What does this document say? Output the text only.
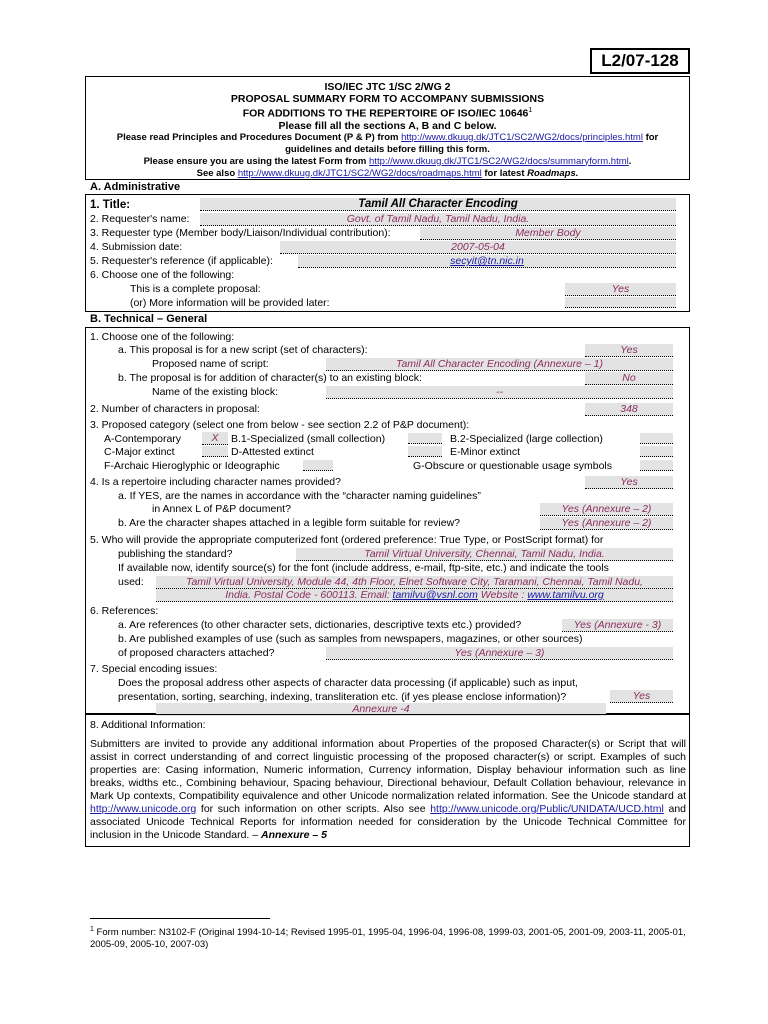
L2/07-128
ISO/IEC JTC 1/SC 2/WG 2
PROPOSAL SUMMARY FORM TO ACCOMPANY SUBMISSIONS
FOR ADDITIONS TO THE REPERTOIRE OF ISO/IEC 10646$^1$
Please fill all the sections A, B and C below.
Please read Principles and Procedures Document (P & P) from http://www.dkuug.dk/JTC1/SC2/WG2/docs/principles.html for
guidelines and details before filling this form.
Please ensure you are using the latest Form from http://www.dkuug.dk/JTC1/SC2/WG2/docs/summaryform.html.
See also http://www.dkuug.dk/JTC1/SC2/WG2/docs/roadmaps.html for latest Roadmaps.
A. Administrative
1. Title:	Tamil All Character Encoding
2. Requester's name:	Govt. of Tamil Nadu, Tamil Nadu, India.
3. Requester type (Member body/Liaison/Individual contribution):	Member Body
4. Submission date:	2007-05-04
5. Requester's reference (if applicable):	secyit@tn.nic.in
6. Choose one of the following:
This is a complete proposal:	Yes
(or) More information will be provided later:
B. Technical – General
1. Choose one of the following:
a. This proposal is for a new script (set of characters):	Yes
Proposed name of script:	Tamil All Character Encoding (Annexure – 1)
b. The proposal is for addition of character(s) to an existing block:	No
Name of the existing block:	--
2. Number of characters in proposal:	348
3. Proposed category (select one from below - see section 2.2 of P&P document):
A-Contemporary	X	B.1-Specialized (small collection)	B.2-Specialized (large collection)
C-Major extinct	D-Attested extinct	E-Minor extinct
F-Archaic Hieroglyphic or Ideographic	G-Obscure or questionable usage symbols
4. Is a repertoire including character names provided?	Yes
a. If YES, are the names in accordance with the “character naming guidelines”
in Annex L of P&P document?	Yes (Annexure – 2)
b. Are the character shapes attached in a legible form suitable for review?	Yes (Annexure – 2)
5. Who will provide the appropriate computerized font (ordered preference: True Type, or PostScript format) for
publishing the standard?	Tamil Virtual University, Chennai, Tamil Nadu, India.
If available now, identify source(s) for the font (include address, e-mail, ftp-site, etc.) and indicate the tools
used:	Tamil Virtual University, Module 44, 4th Floor, Elnet Software City, Taramani, Chennai, Tamil Nadu,
India. Postal Code - 600113. Email: tamilvu@vsnl.com Website : www.tamilvu.org
6. References:
a. Are references (to other character sets, dictionaries, descriptive texts etc.) provided?	Yes (Annexure - 3)
b. Are published examples of use (such as samples from newspapers, magazines, or other sources)
of proposed characters attached?	Yes (Annexure – 3)
7. Special encoding issues:
Does the proposal address other aspects of character data processing (if applicable) such as input,
presentation, sorting, searching, indexing, transliteration etc. (if yes please enclose information)?	Yes
Annexure -4
8. Additional Information:
Submitters are invited to provide any additional information about Properties of the proposed Character(s) or Script that will assist in correct understanding of and correct linguistic processing of the proposed character(s) or script. Examples of such properties are: Casing information, Numeric information, Currency information, Display behaviour information such as line breaks, widths etc., Combining behaviour, Spacing behaviour, Directional behaviour, Default Collation behaviour, relevance in Mark Up contexts, Compatibility equivalence and other Unicode normalization related information. See the Unicode standard at http://www.unicode.org for such information on other scripts. Also see http://www.unicode.org/Public/UNIDATA/UCD.html and associated Unicode Technical Reports for information needed for consideration by the Unicode Technical Committee for inclusion in the Unicode Standard. – Annexure – 5
$^1$ Form number: N3102-F (Original 1994-10-14; Revised 1995-01, 1995-04, 1996-04, 1996-08, 1999-03, 2001-05, 2001-09, 2003-11, 2005-01, 2005-09, 2005-10, 2007-03)
